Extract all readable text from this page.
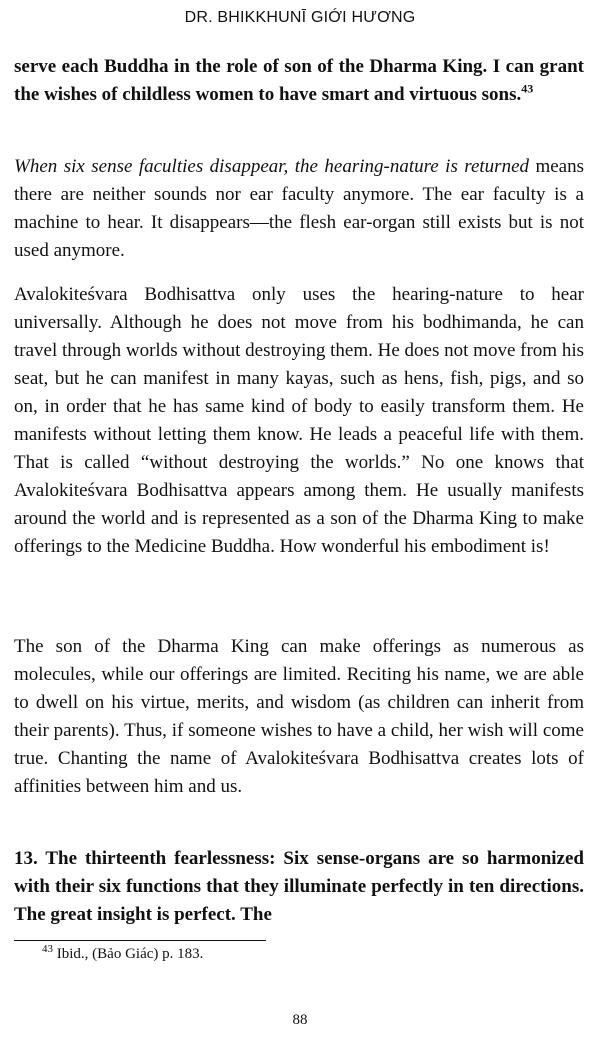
DR. BHIKKHUNĪ GIỚI HƯƠNG
serve each Buddha in the role of son of the Dharma King. I can grant the wishes of childless women to have smart and virtuous sons.$^{43}$
When six sense faculties disappear, the hearing-nature is returned means there are neither sounds nor ear faculty anymore. The ear faculty is a machine to hear. It disappears—the flesh ear-organ still exists but is not used anymore.
Avalokiteśvara Bodhisattva only uses the hearing-nature to hear universally. Although he does not move from his bodhimanda, he can travel through worlds without destroying them. He does not move from his seat, but he can manifest in many kayas, such as hens, fish, pigs, and so on, in order that he has same kind of body to easily transform them. He manifests without letting them know. He leads a peaceful life with them. That is called “without destroying the worlds.” No one knows that Avalokiteśvara Bodhisattva appears among them. He usually manifests around the world and is represented as a son of the Dharma King to make offerings to the Medicine Buddha. How wonderful his embodiment is!
The son of the Dharma King can make offerings as numerous as molecules, while our offerings are limited. Reciting his name, we are able to dwell on his virtue, merits, and wisdom (as children can inherit from their parents). Thus, if someone wishes to have a child, her wish will come true. Chanting the name of Avalokiteśvara Bodhisattva creates lots of affinities between him and us.
13. The thirteenth fearlessness: Six sense-organs are so harmonized with their six functions that they illuminate perfectly in ten directions. The great insight is perfect. The
$^{43}$ Ibid., (Bảo Giác) p. 183.
88
